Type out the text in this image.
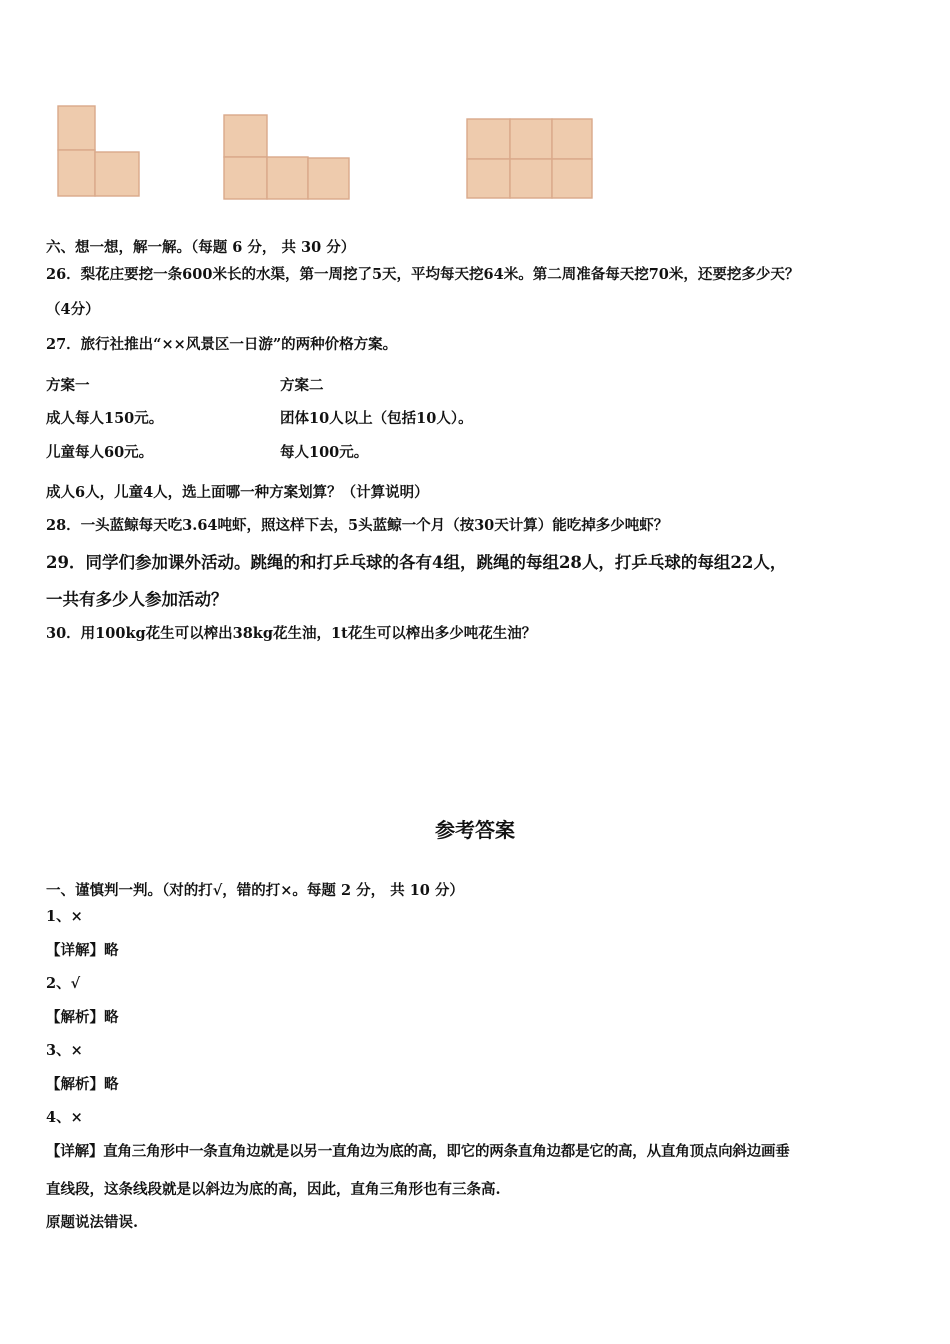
六、想一想，解一解。（每题 6 分， 共 30 分）
26．梨花庄要挖一条600米长的水渠，第一周挖了5天，平均每天挖64米。第二周准备每天挖70米，还要挖多少天？
（4分）
27．旅行社推出“××风景区一日游”的两种价格方案。
方案一	方案二
成人每人150元。	团体10人以上（包括10人）。
儿童每人60元。	每人100元。
成人6人，儿童4人，选上面哪一种方案划算？（计算说明）
28．一头蓝鲸每天吃3.64吨虾，照这样下去，5头蓝鲸一个月（按30天计算）能吃掉多少吨虾？
29．同学们参加课外活动。跳绳的和打乒乓球的各有4组，跳绳的每组28人，打乒乓球的每组22人，
一共有多少人参加活动？
30．用100kg花生可以榨出38kg花生油，1t花生可以榨出多少吨花生油？
参考答案
一、谨慎判一判。（对的打√，错的打×。每题 2 分， 共 10 分）
1、×
【详解】略
2、√
【解析】略
3、×
【解析】略
4、×
【详解】直角三角形中一条直角边就是以另一直角边为底的高，即它的两条直角边都是它的高，从直角顶点向斜边画垂
直线段，这条线段就是以斜边为底的高，因此，直角三角形也有三条高.
原题说法错误.
